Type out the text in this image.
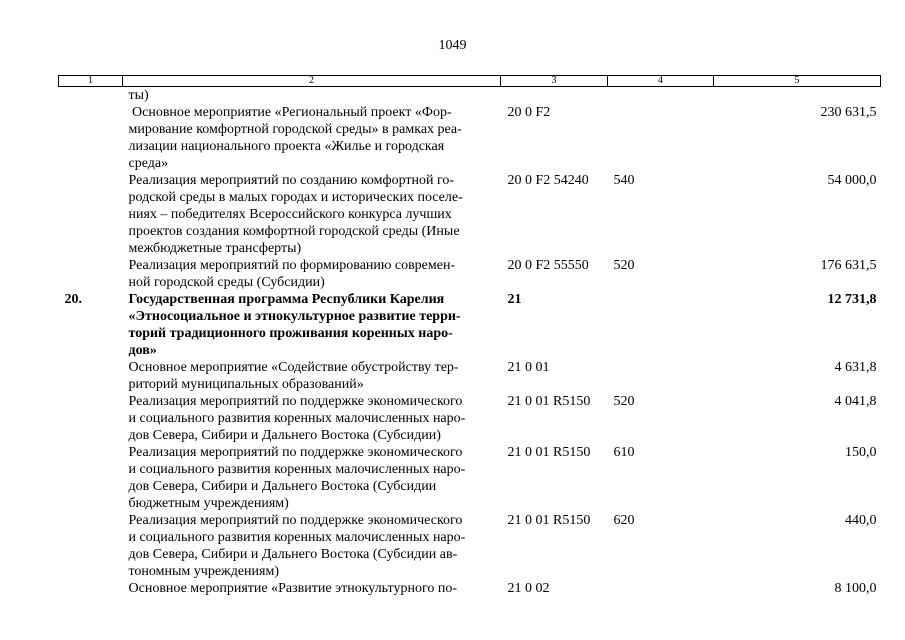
1049
1	2	3	4	5

	ты)			

	Основное мероприятие «Региональный проект «Фор-
мирование комфортной городской среды» в рамках реа-
лизации национального проекта «Жилье и городская
среда»	20 0 F2		230 631,5

	Реализация мероприятий по созданию комфортной го-
родской среды в малых городах и исторических поселе-
ниях – победителях Всероссийского конкурса лучших
проектов создания комфортной городской среды (Иные
межбюджетные трансферты)	20 0 F2 54240	540	54 000,0

	Реализация мероприятий по формированию современ-
ной городской среды (Субсидии)	20 0 F2 55550	520	176 631,5
20.	Государственная программа Республики Карелия
«Этносоциальное и этнокультурное развитие терри-
торий традиционного проживания коренных наро-
дов»	21		12 731,8

	Основное мероприятие «Содействие обустройству тер-
риторий муниципальных образований»	21 0 01		4 631,8

	Реализация мероприятий по поддержке экономического
и социального развития коренных малочисленных наро-
дов Севера, Сибири и Дальнего Востока (Субсидии)	21 0 01 R5150	520	4 041,8

	Реализация мероприятий по поддержке экономического
и социального развития коренных малочисленных наро-
дов Севера, Сибири и Дальнего Востока (Субсидии
бюджетным учреждениям)	21 0 01 R5150	610	150,0

	Реализация мероприятий по поддержке экономического
и социального развития коренных малочисленных наро-
дов Севера, Сибири и Дальнего Востока (Субсидии ав-
тономным учреждениям)	21 0 01 R5150	620	440,0

	Основное мероприятие «Развитие этнокультурного по-	21 0 02		8 100,0
